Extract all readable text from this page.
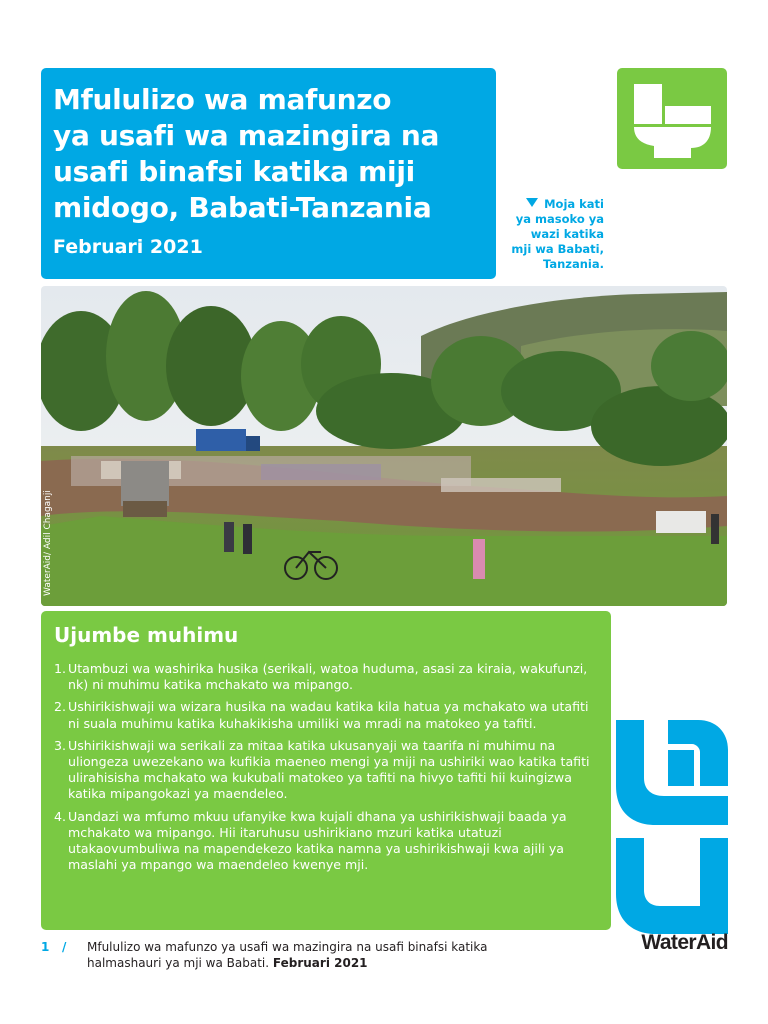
Mfululizo wa mafunzo
ya usafi wa mazingira na
usafi binafsi katika miji
midogo, Babati-Tanzania
Februari 2021
Moja kati
ya masoko ya
wazi katika
mji wa Babati,
Tanzania.
WaterAid/ Adil Chaganji
Ujumbe muhimu
1. Utambuzi wa washirika husika (serikali, watoa huduma, asasi za kiraia, wakufunzi, nk) ni muhimu katika mchakato wa mipango.
2. Ushirikishwaji wa wizara husika na wadau katika kila hatua ya mchakato wa utafiti ni suala muhimu katika kuhakikisha umiliki wa mradi na matokeo ya tafiti.
3. Ushirikishwaji wa serikali za mitaa katika ukusanyaji wa taarifa ni muhimu na uliongeza uwezekano wa kufikia maeneo mengi ya miji na ushiriki wao katika tafiti ulirahisisha mchakato wa kukubali matokeo ya tafiti na hivyo tafiti hii kuingizwa katika mipangokazi ya maendeleo.
4. Uandazi wa mfumo mkuu ufanyike kwa kujali dhana ya ushirikishwaji baada ya mchakato wa mipango. Hii itaruhusu ushirikiano mzuri katika utatuzi utakaovumbuliwa na mapendekezo katika namna ya ushirikishwaji kwa ajili ya maslahi ya mpango wa maendeleo kwenye mji.
WaterAid
1 /	Mfululizo wa mafunzo ya usafi wa mazingira na usafi binafsi katika halmashauri ya mji wa Babati. Februari 2021
